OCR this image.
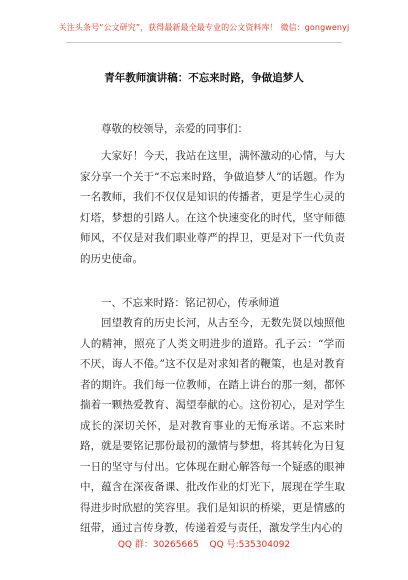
关注头条号“公文研究”，获得最新最全最专业的公文资料库！ 微信：gongwenyj
青年教师演讲稿：不忘来时路，争做追梦人

尊敬的校领导，亲爱的同事们：

大家好！今天，我站在这里，满怀激动的心情，与大家分享一个关于“不忘来时路，争做追梦人”的话题。作为一名教师，我们不仅仅是知识的传播者，更是学生心灵的灯塔，梦想的引路人。在这个快速变化的时代，坚守师德师风，不仅是对我们职业尊严的捍卫，更是对下一代负责的历史使命。

一、不忘来时路：铭记初心，传承师道

回望教育的历史长河，从古至今，无数先贤以烛照他人的精神，照亮了人类文明进步的道路。孔子云：“学而不厌，诲人不倦。”这不仅是对求知者的鞭策，也是对教育者的期许。我们每一位教师，在踏上讲台的那一刻，都怀揣着一颗热爱教育、渴望奉献的心。这份初心，是对学生成长的深切关怀，是对教育事业的无悔承诺。不忘来时路，就是要铭记那份最初的激情与梦想，将其转化为日复一日的坚守与付出。它体现在耐心解答每一个疑惑的眼神中，蕴含在深夜备课、批改作业的灯光下，展现在学生取得进步时欣慰的笑容里。我们是知识的桥梁，更是情感的纽带，通过言传身教，传递着爱与责任，激发学生内心的

QQ 群：30265665 QQ 号:535304092
